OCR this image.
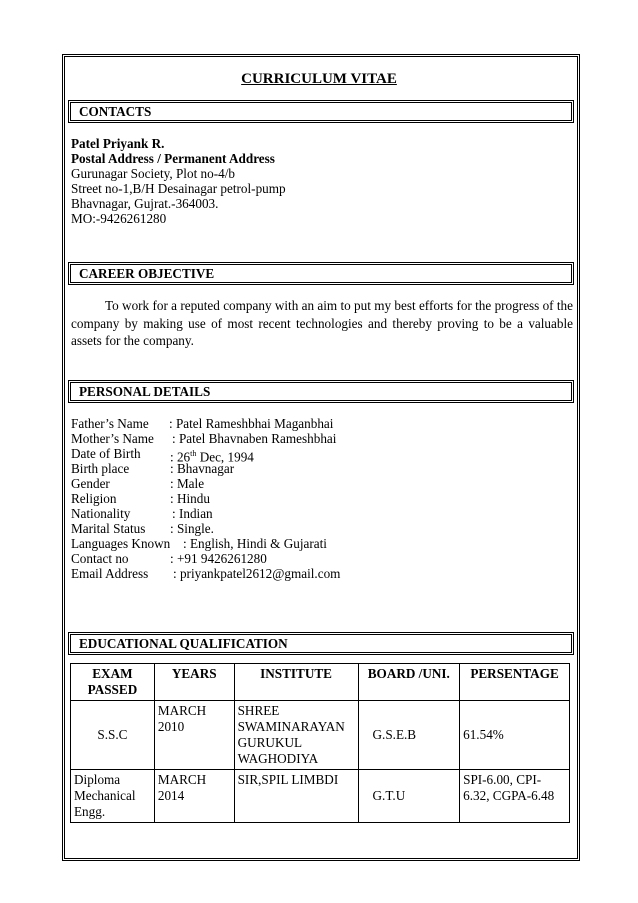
CURRICULUM VITAE
CONTACTS
Patel Priyank R.
Postal Address / Permanent Address
Gurunagar Society, Plot no-4/b
Street no-1,B/H Desainagar petrol-pump
Bhavnagar, Gujrat.-364003.
MO:-9426261280
CAREER OBJECTIVE
To work for a reputed company with an aim to put my best efforts for the progress of the company by making use of most recent technologies and thereby proving to be a valuable assets for the company.
PERSONAL DETAILS
Father’s Name : Patel Rameshbhai Maganbhai
Mother’s Name : Patel Bhavnaben Rameshbhai
Date of Birth : 26th Dec, 1994
Birth place	: Bhavnagar
Gender	: Male
Religion	: Hindu
Nationality	: Indian
Marital Status : Single.
Languages Known : English, Hindi & Gujarati
Contact no	: +91 9426261280
Email Address : priyankpatel2612@gmail.com
EDUCATIONAL QUALIFICATION
EXAM PASSED	YEARS	INSTITUTE	BOARD /UNI.	PERSENTAGE
S.S.C	MARCH 2010	SHREE SWAMINARAYAN GURUKUL WAGHODIYA	G.S.E.B	61.54%
Diploma Mechanical Engg.	MARCH 2014	SIR,SPIL LIMBDI	G.T.U	SPI-6.00, CPI-6.32, CGPA-6.48
